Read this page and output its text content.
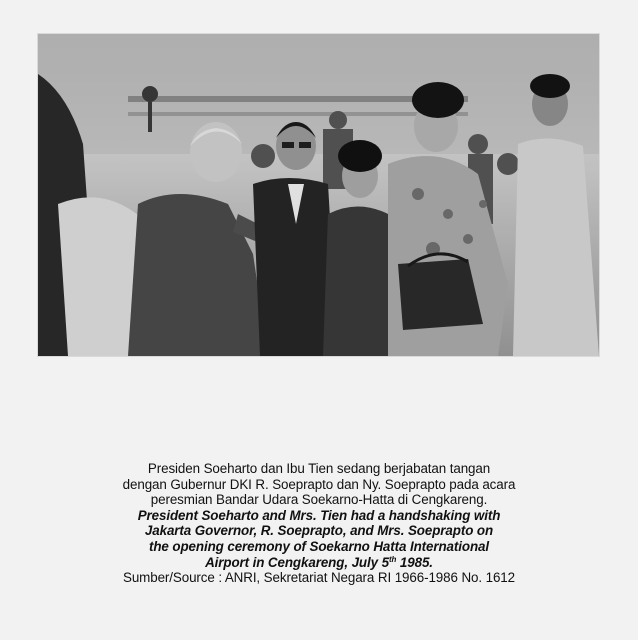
Presiden Soeharto dan Ibu Tien sedang berjabatan tangan
dengan Gubernur DKI R. Soeprapto dan Ny. Soeprapto pada acara
peresmian Bandar Udara Soekarno-Hatta di Cengkareng.
President Soeharto and Mrs. Tien had a handshaking with
Jakarta Governor, R. Soeprapto, and Mrs. Soeprapto on
the opening ceremony of Soekarno Hatta International
Airport in Cengkareng, July 5th 1985.
Sumber/Source : ANRI, Sekretariat Negara RI 1966-1986 No. 1612
